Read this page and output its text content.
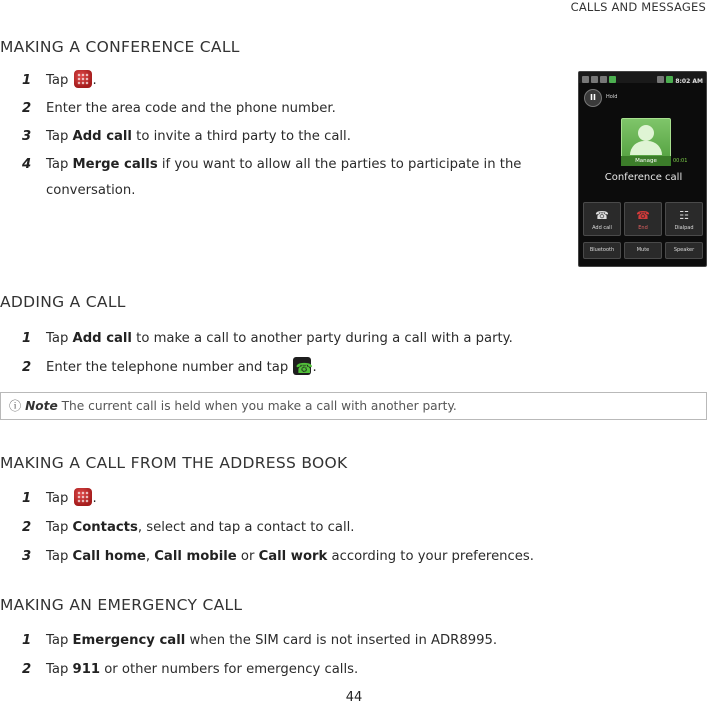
CALLS AND MESSAGES
MAKING A CONFERENCE CALL
1	Tap .
2	Enter the area code and the phone number.
3	Tap Add call to invite a third party to the call.
4	Tap Merge calls if you want to allow all the parties to participate in the conversation.
8:02 AM
II	Hold
Manage	00:01
Conference call
☎
Add call
☎
End
☷
Dialpad
Bluetooth	Mute	Speaker
ADDING A CALL
1	Tap Add call to make a call to another party during a call with a party.
2	Enter the telephone number and tap ☎ .
ⓘ Note The current call is held when you make a call with another party.
MAKING A CALL FROM THE ADDRESS BOOK
1	Tap .
2	Tap Contacts, select and tap a contact to call.
3	Tap Call home, Call mobile or Call work according to your preferences.
MAKING AN EMERGENCY CALL
1	Tap Emergency call when the SIM card is not inserted in ADR8995.
2	Tap 911 or other numbers for emergency calls.
44
